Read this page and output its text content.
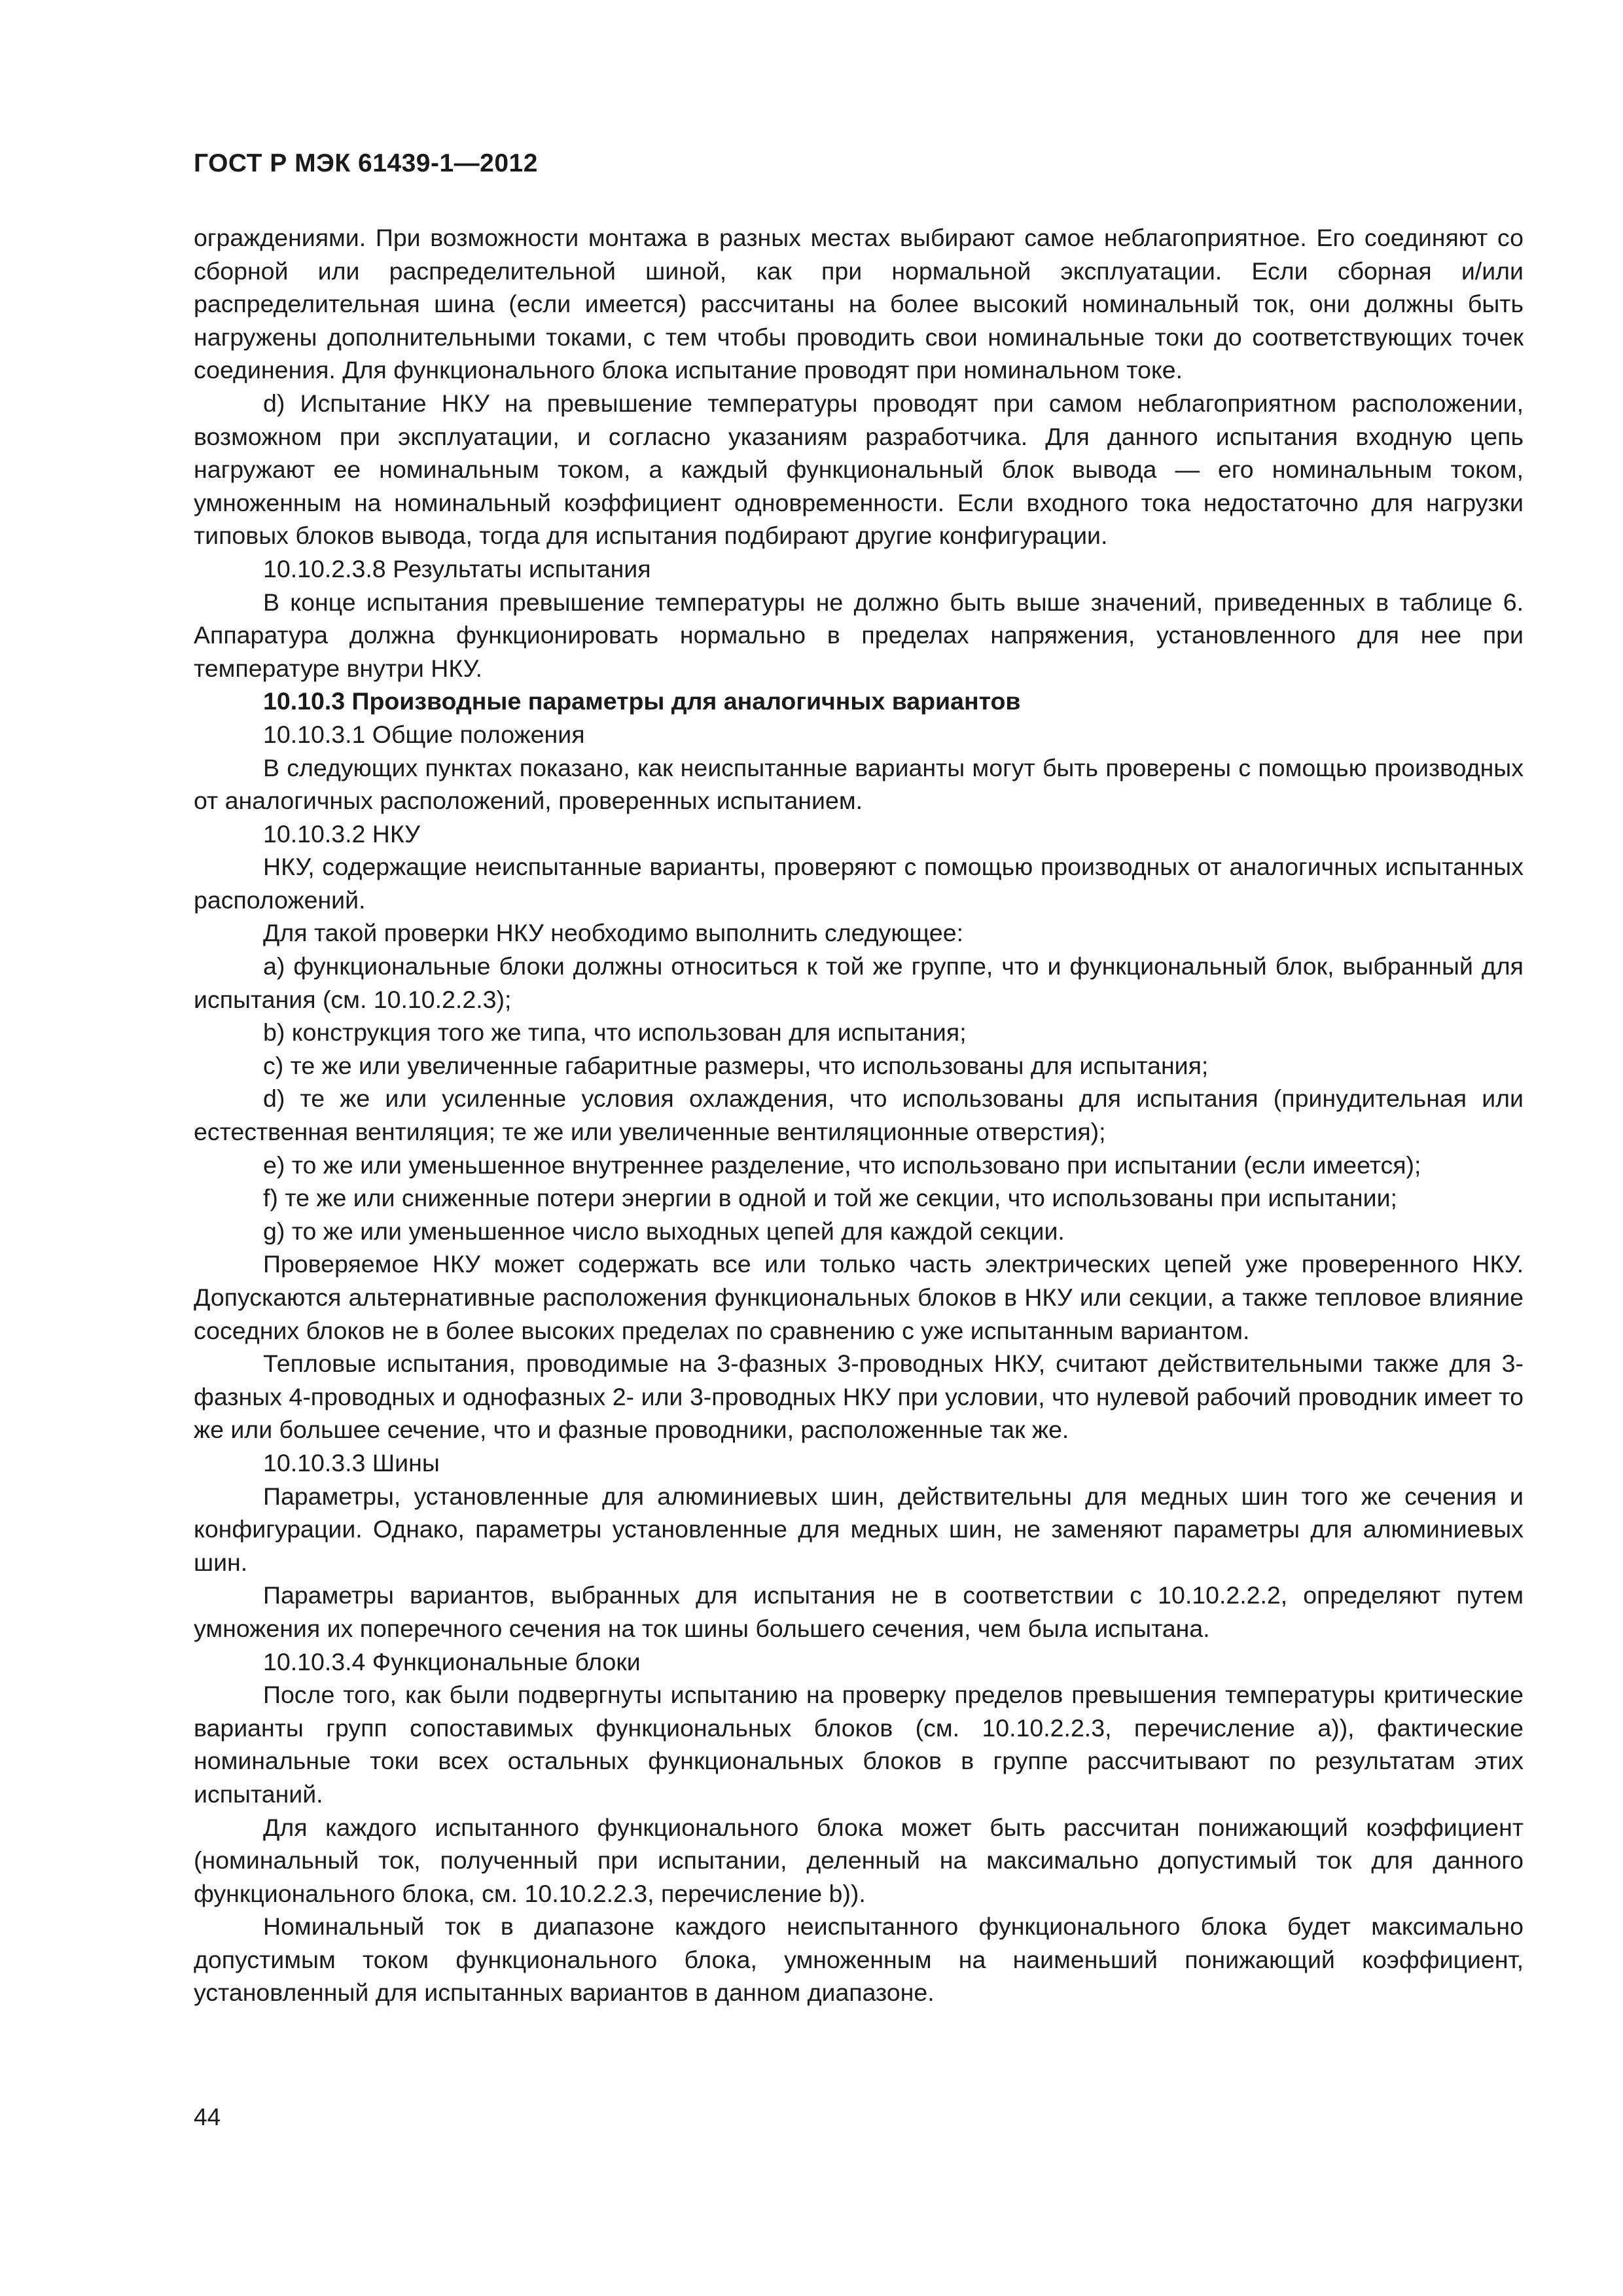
ГОСТ Р МЭК 61439-1—2012

ограждениями. При возможности монтажа в разных местах выбирают самое неблагоприятное. Его соединяют со сборной или распределительной шиной, как при нормальной эксплуатации. Если сборная и/или распределительная шина (если имеется) рассчитаны на более высокий номинальный ток, они должны быть нагружены дополнительными токами, с тем чтобы проводить свои номинальные токи до соответствующих точек соединения. Для функционального блока испытание проводят при номинальном токе.

d) Испытание НКУ на превышение температуры проводят при самом неблагоприятном расположении, возможном при эксплуатации, и согласно указаниям разработчика. Для данного испытания входную цепь нагружают ее номинальным током, а каждый функциональный блок вывода — его номинальным током, умноженным на номинальный коэффициент одновременности. Если входного тока недостаточно для нагрузки типовых блоков вывода, тогда для испытания подбирают другие конфигурации.

10.10.2.3.8 Результаты испытания

В конце испытания превышение температуры не должно быть выше значений, приведенных в таблице 6. Аппаратура должна функционировать нормально в пределах напряжения, установленного для нее при температуре внутри НКУ.

10.10.3 Производные параметры для аналогичных вариантов

10.10.3.1 Общие положения

В следующих пунктах показано, как неиспытанные варианты могут быть проверены с помощью производных от аналогичных расположений, проверенных испытанием.

10.10.3.2 НКУ

НКУ, содержащие неиспытанные варианты, проверяют с помощью производных от аналогичных испытанных расположений.

Для такой проверки НКУ необходимо выполнить следующее:

а) функциональные блоки должны относиться к той же группе, что и функциональный блок, выбранный для испытания (см. 10.10.2.2.3);

b) конструкция того же типа, что использован для испытания;

с) те же или увеличенные габаритные размеры, что использованы для испытания;

d) те же или усиленные условия охлаждения, что использованы для испытания (принудительная или естественная вентиляция; те же или увеличенные вентиляционные отверстия);

е) то же или уменьшенное внутреннее разделение, что использовано при испытании (если имеется);

f) те же или сниженные потери энергии в одной и той же секции, что использованы при испытании;

g) то же или уменьшенное число выходных цепей для каждой секции.

Проверяемое НКУ может содержать все или только часть электрических цепей уже проверенного НКУ. Допускаются альтернативные расположения функциональных блоков в НКУ или секции, а также тепловое влияние соседних блоков не в более высоких пределах по сравнению с уже испытанным вариантом.

Тепловые испытания, проводимые на 3-фазных 3-проводных НКУ, считают действительными также для 3-фазных 4-проводных и однофазных 2- или 3-проводных НКУ при условии, что нулевой рабочий проводник имеет то же или большее сечение, что и фазные проводники, расположенные так же.

10.10.3.3 Шины

Параметры, установленные для алюминиевых шин, действительны для медных шин того же сечения и конфигурации. Однако, параметры установленные для медных шин, не заменяют параметры для алюминиевых шин.

Параметры вариантов, выбранных для испытания не в соответствии с 10.10.2.2.2, определяют путем умножения их поперечного сечения на ток шины большего сечения, чем была испытана.

10.10.3.4 Функциональные блоки

После того, как были подвергнуты испытанию на проверку пределов превышения температуры критические варианты групп сопоставимых функциональных блоков (см. 10.10.2.2.3, перечисление а)), фактические номинальные токи всех остальных функциональных блоков в группе рассчитывают по результатам этих испытаний.

Для каждого испытанного функционального блока может быть рассчитан понижающий коэффициент (номинальный ток, полученный при испытании, деленный на максимально допустимый ток для данного функционального блока, см. 10.10.2.2.3, перечисление b)).

Номинальный ток в диапазоне каждого неиспытанного функционального блока будет максимально допустимым током функционального блока, умноженным на наименьший понижающий коэффициент, установленный для испытанных вариантов в данном диапазоне.

44
